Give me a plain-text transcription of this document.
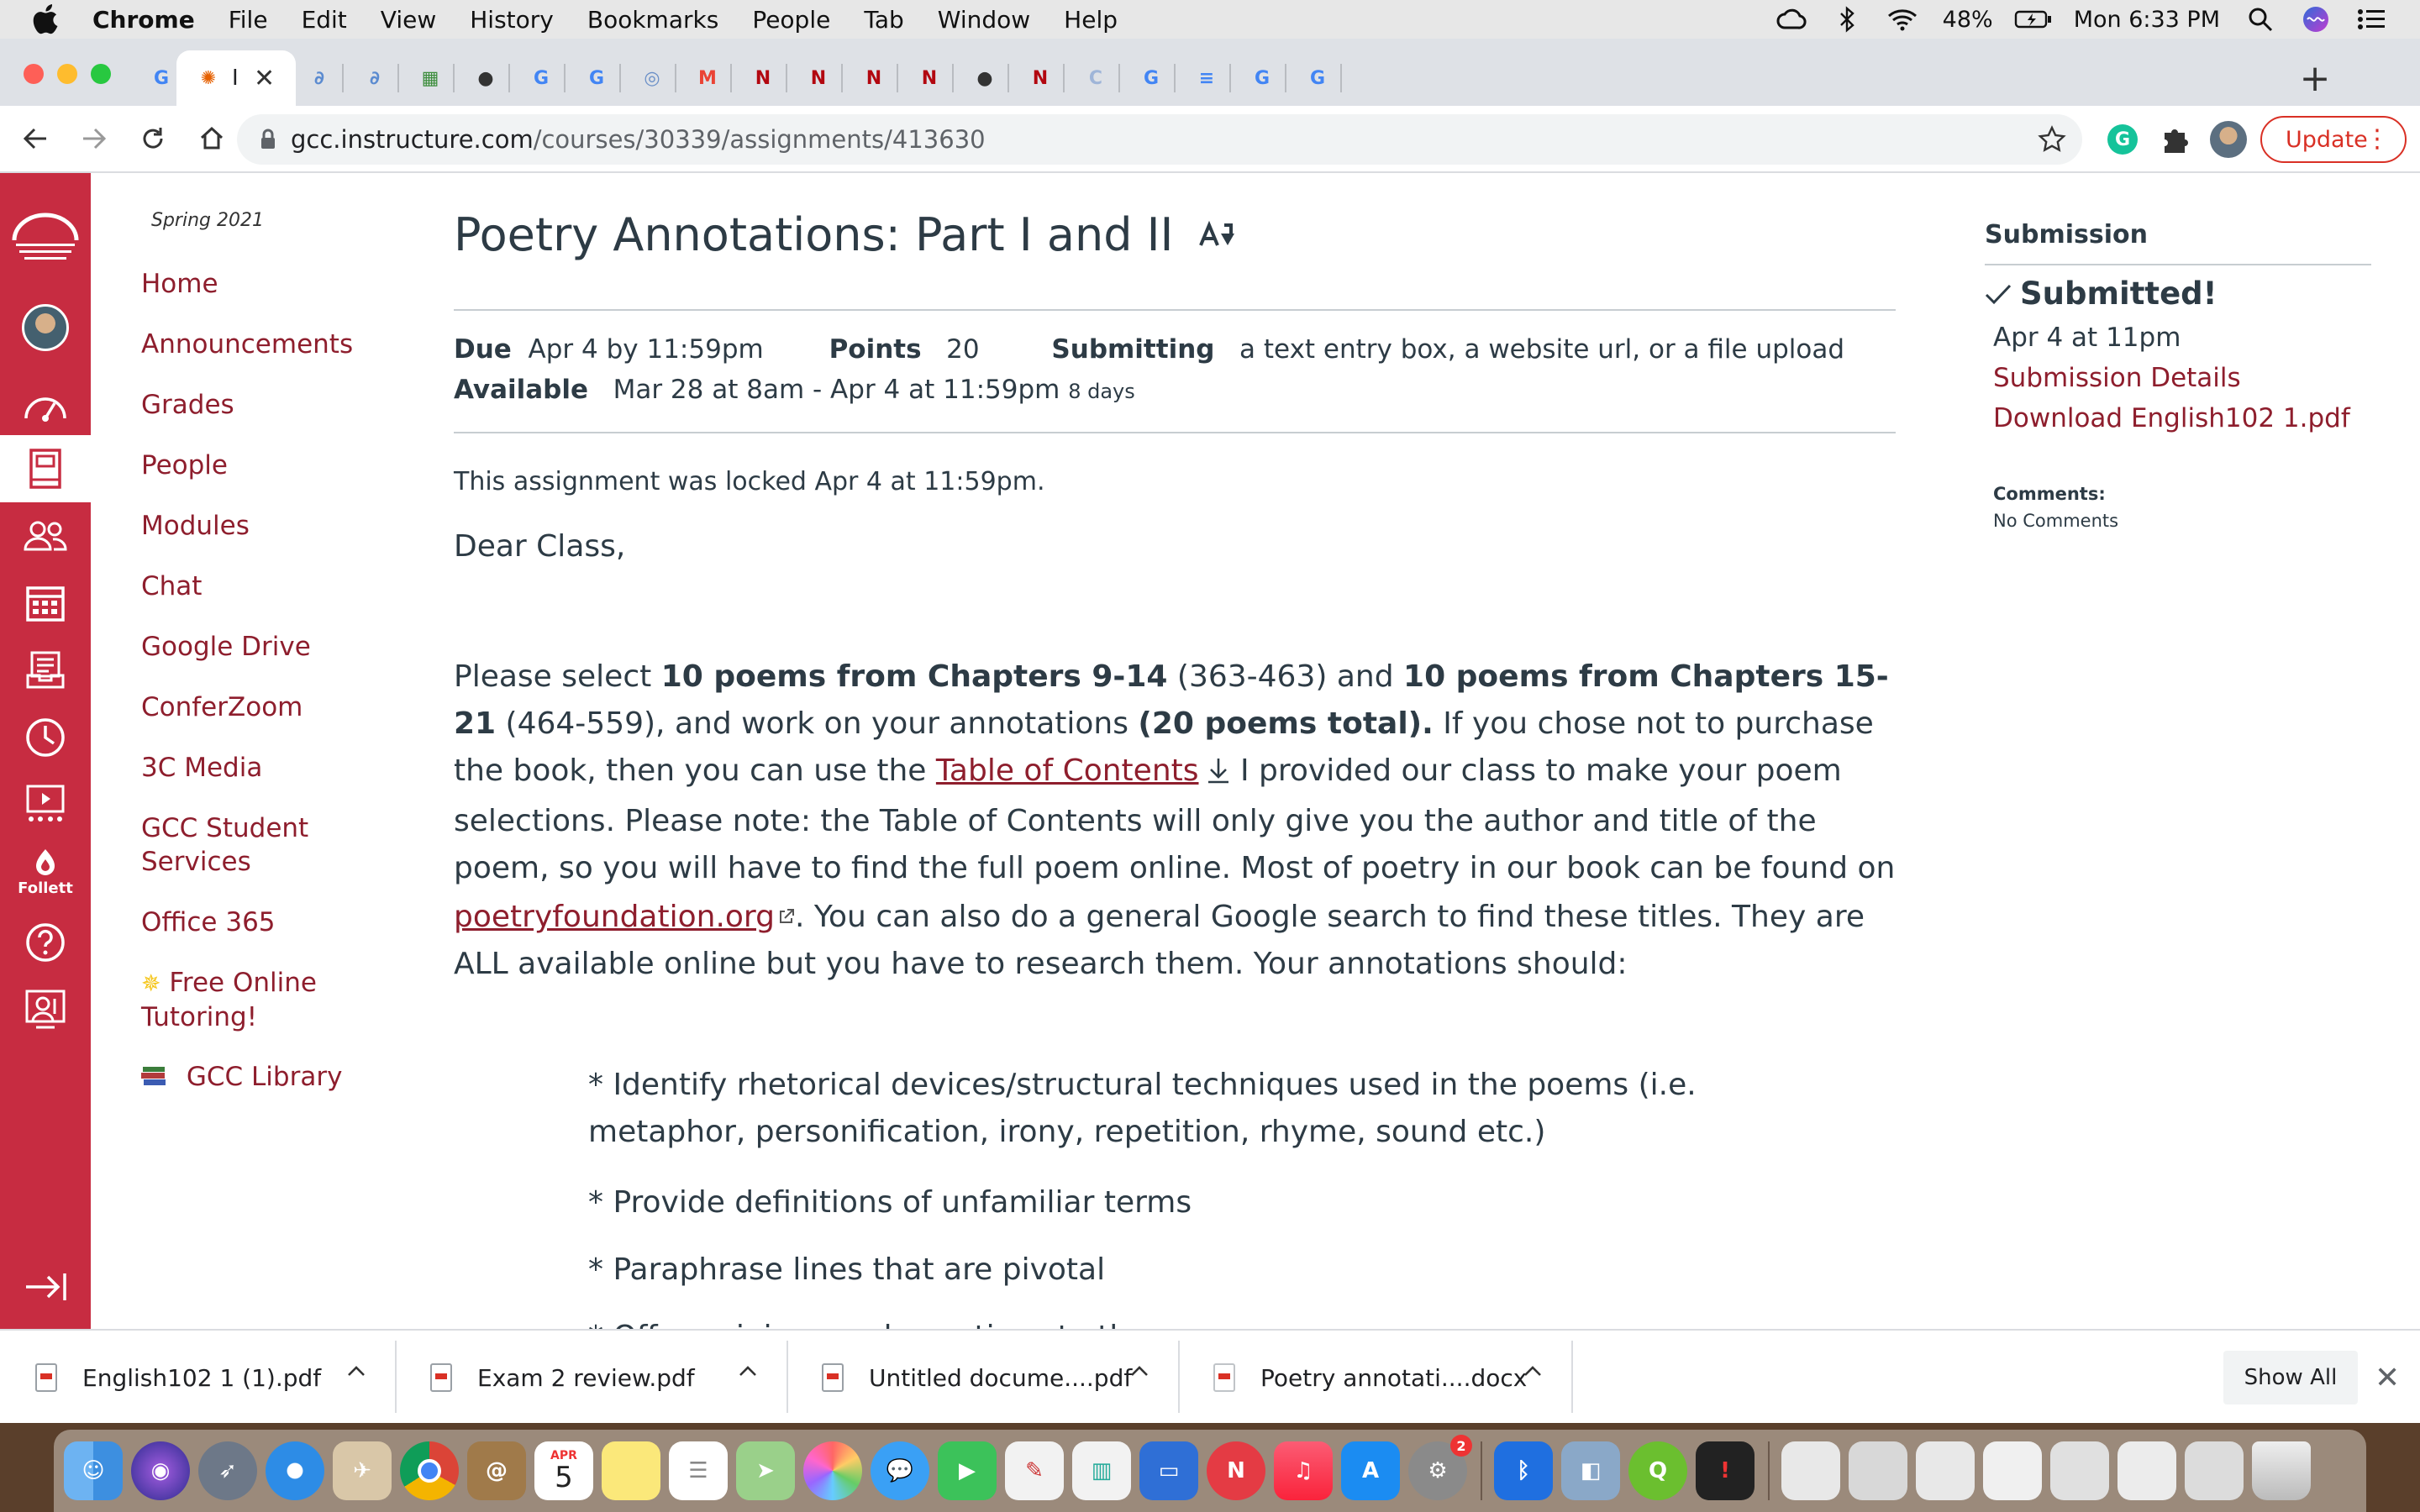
Chrome File Edit View History Bookmarks People Tab Window Help	48%	Mon 6:33 PM
G	✺ I ✕	∂	∂	▦ ●	G	G	◎ M	N	N	N	N	●	N	C	G	≡	G	G	+
gcc.instructure.com /courses/30339/assignments/413630	G	Update
⋮
Follett
Spring 2021
Home
Announcements
Grades
People
Modules
Chat
Google Drive
ConferZoom
3C Media
GCC Student Services
Office 365
✵ Free Online Tutoring!
GCC Library
Poetry Annotations: Part I and II
Due Apr 4 by 11:59pm	Points 20	Submitting a text entry box, a website url, or a file upload
Available Mar 28 at 8am - Apr 4 at 11:59pm 8 days
This assignment was locked Apr 4 at 11:59pm.
Dear Class,
Please select 10 poems from Chapters 9-14 (363-463) and 10 poems from Chapters 15-21 (464-559), and work on your annotations (20 poems total). If you chose not to purchase the book, then you can use the Table of Contents I provided our class to make your poem selections. Please note: the Table of Contents will only give you the author and title of the poem, so you will have to find the full poem online. Most of poetry in our book can be found on poetryfoundation.org . You can also do a general Google search to find these titles. They are ALL available online but you have to research them. Your annotations should:
* Identify rhetorical devices/structural techniques used in the poems (i.e. metaphor, personification, irony, repetition, rhyme, sound etc.)
* Provide definitions of unfamiliar terms
* Paraphrase lines that are pivotal
Submission
Submitted!
Apr 4 at 11pm
Submission Details
Download English102 1.pdf
Comments:
No Comments
English102 1 (1).pdf	Exam 2 review.pdf	Untitled docume....pdf	Poetry annotati....docx	Show All	✕
☺	◉	➶	✈	@
APR
5	☰	➤	💬	▶	✎	▥	▭	N	♫	A	⚙
2
ᛒ	◧	Q	!
